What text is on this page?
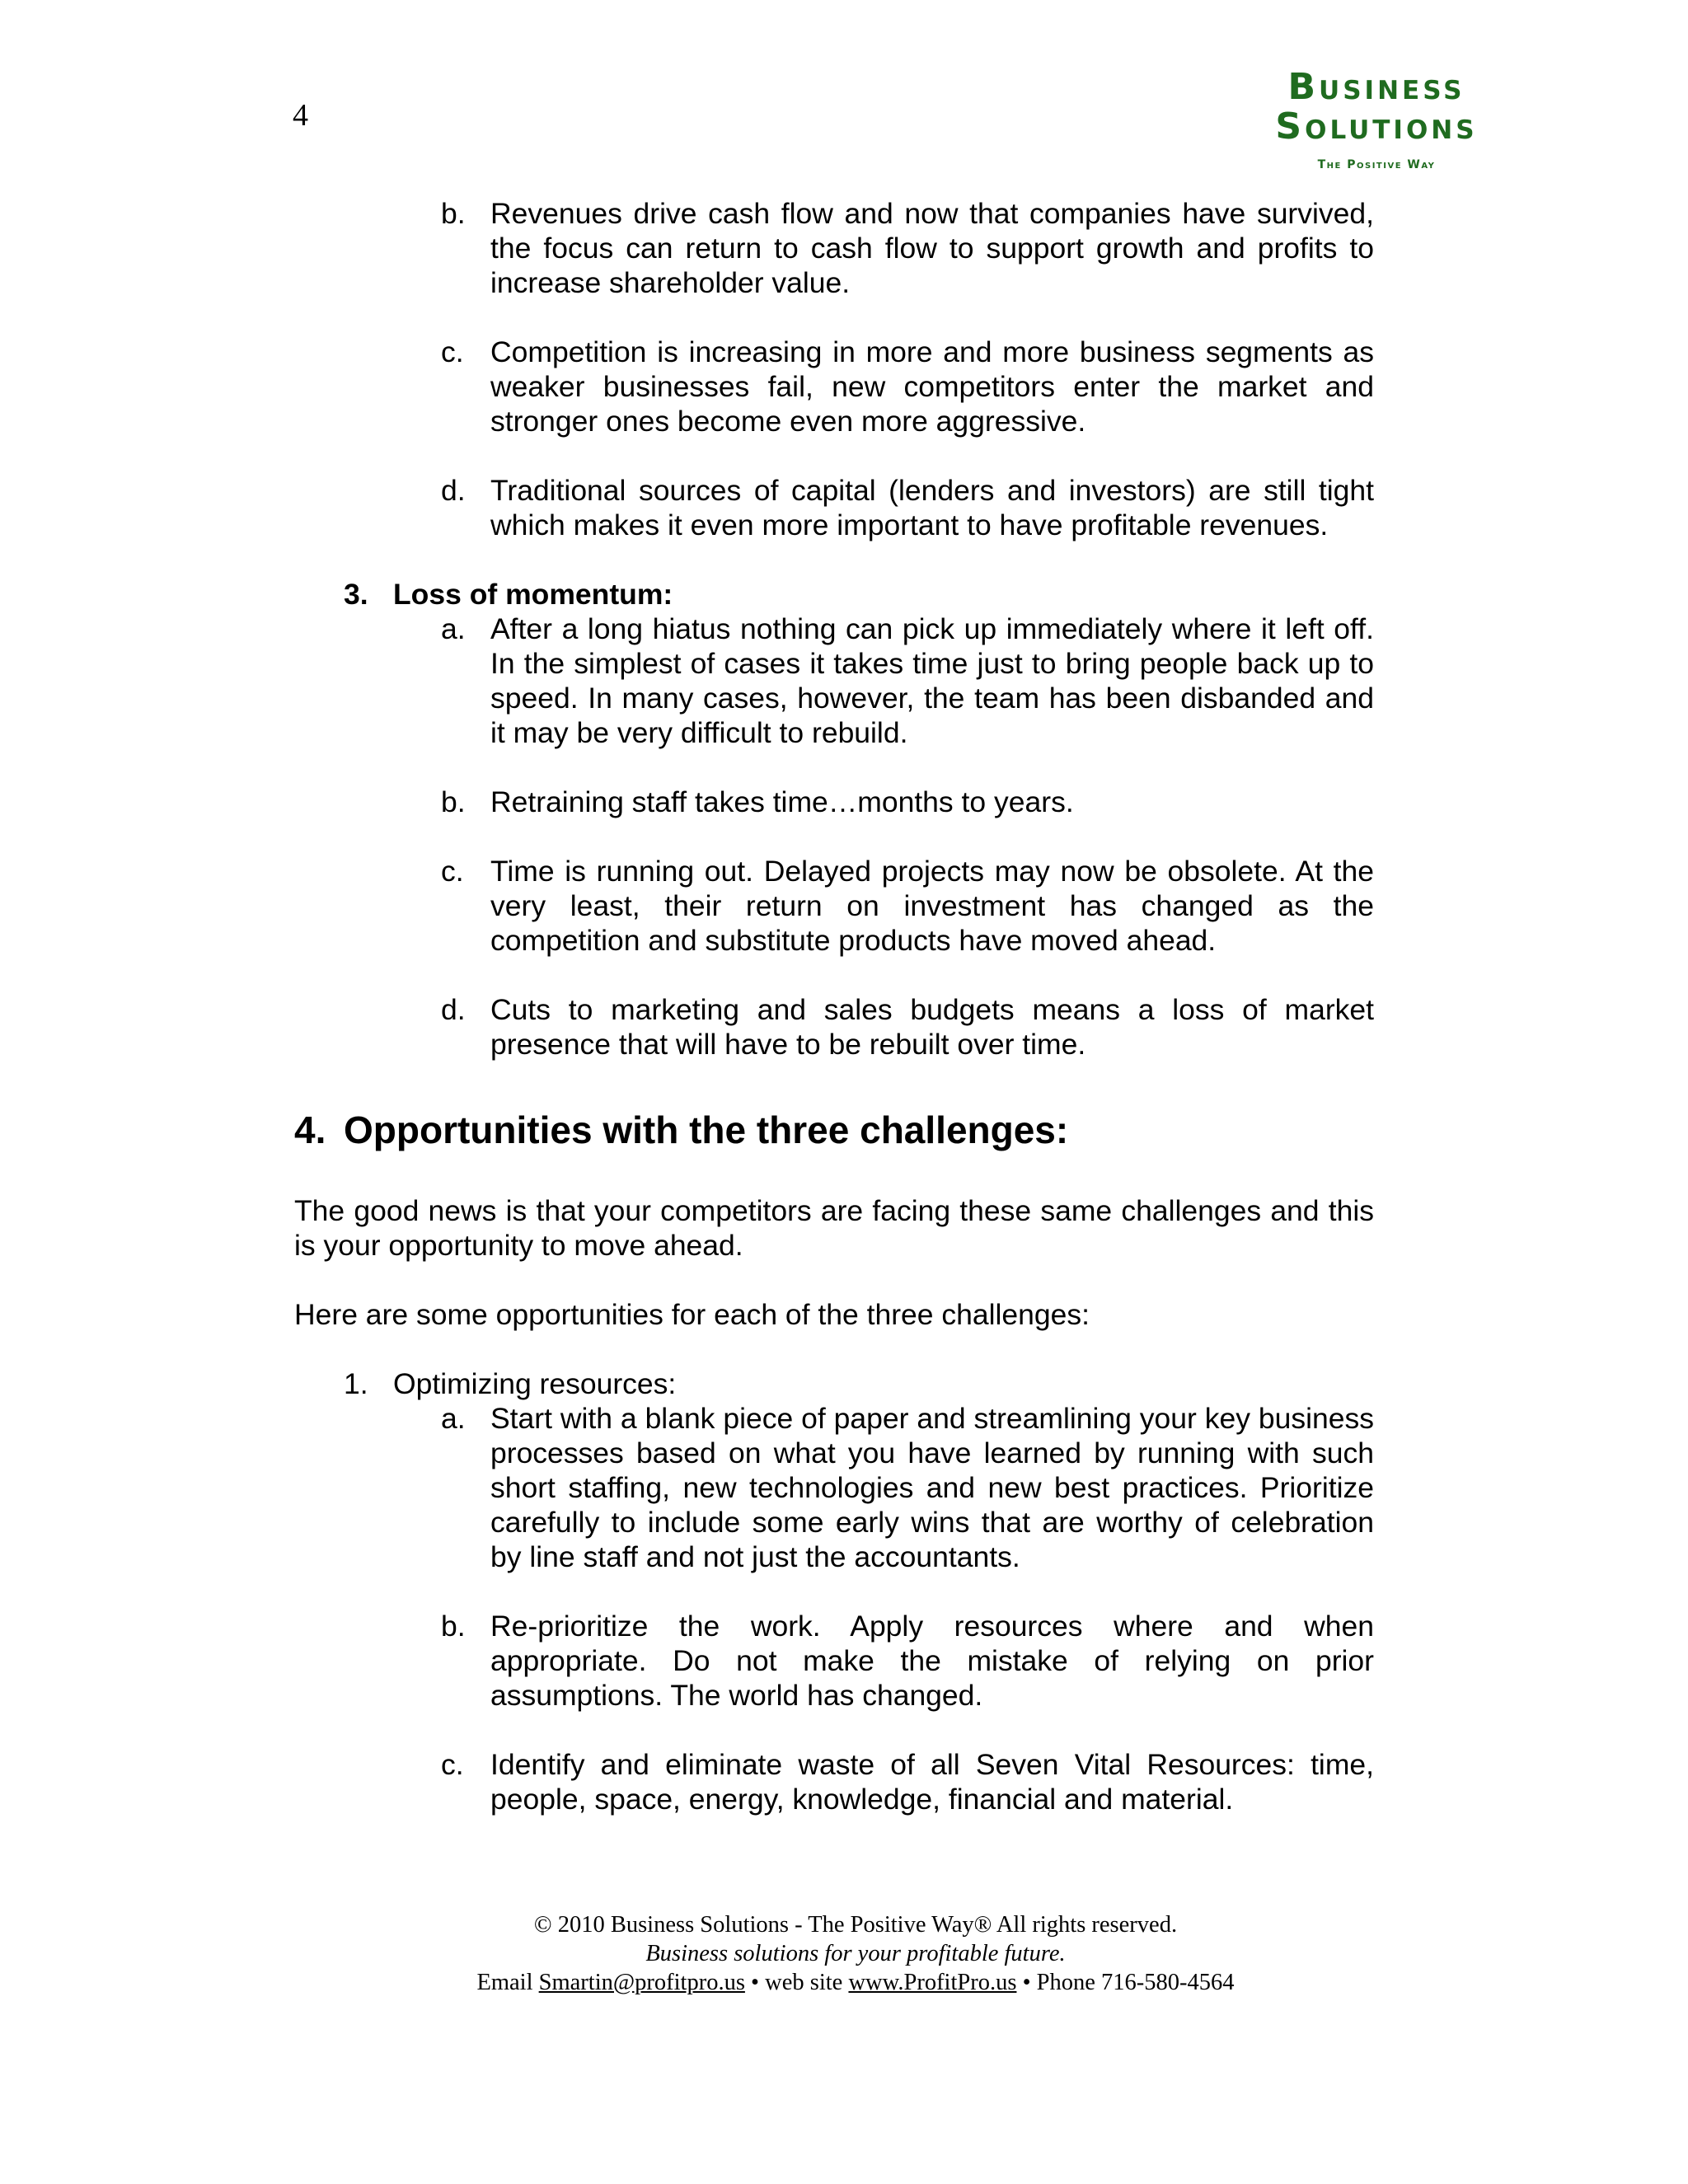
4
Business
Solutions
The Positive Way
b. Revenues drive cash flow and now that companies have survived, the focus can return to cash flow to support growth and profits to increase shareholder value.
c. Competition is increasing in more and more business segments as weaker businesses fail, new competitors enter the market and stronger ones become even more aggressive.
d. Traditional sources of capital (lenders and investors) are still tight which makes it even more important to have profitable revenues.
3. Loss of momentum:
a. After a long hiatus nothing can pick up immediately where it left off. In the simplest of cases it takes time just to bring people back up to speed. In many cases, however, the team has been disbanded and it may be very difficult to rebuild.
b. Retraining staff takes time…months to years.
c. Time is running out. Delayed projects may now be obsolete. At the very least, their return on investment has changed as the competition and substitute products have moved ahead.
d. Cuts to marketing and sales budgets means a loss of market presence that will have to be rebuilt over time.
4. Opportunities with the three challenges:
The good news is that your competitors are facing these same challenges and this is your opportunity to move ahead.
Here are some opportunities for each of the three challenges:
1. Optimizing resources:
a. Start with a blank piece of paper and streamlining your key business processes based on what you have learned by running with such short staffing, new technologies and new best practices. Prioritize carefully to include some early wins that are worthy of celebration by line staff and not just the accountants.
b. Re-prioritize the work. Apply resources where and when appropriate. Do not make the mistake of relying on prior assumptions. The world has changed.
c. Identify and eliminate waste of all Seven Vital Resources: time, people, space, energy, knowledge, financial and material.
© 2010 Business Solutions - The Positive Way® All rights reserved.
Business solutions for your profitable future.
Email Smartin@profitpro.us • web site www.ProfitPro.us • Phone 716-580-4564
